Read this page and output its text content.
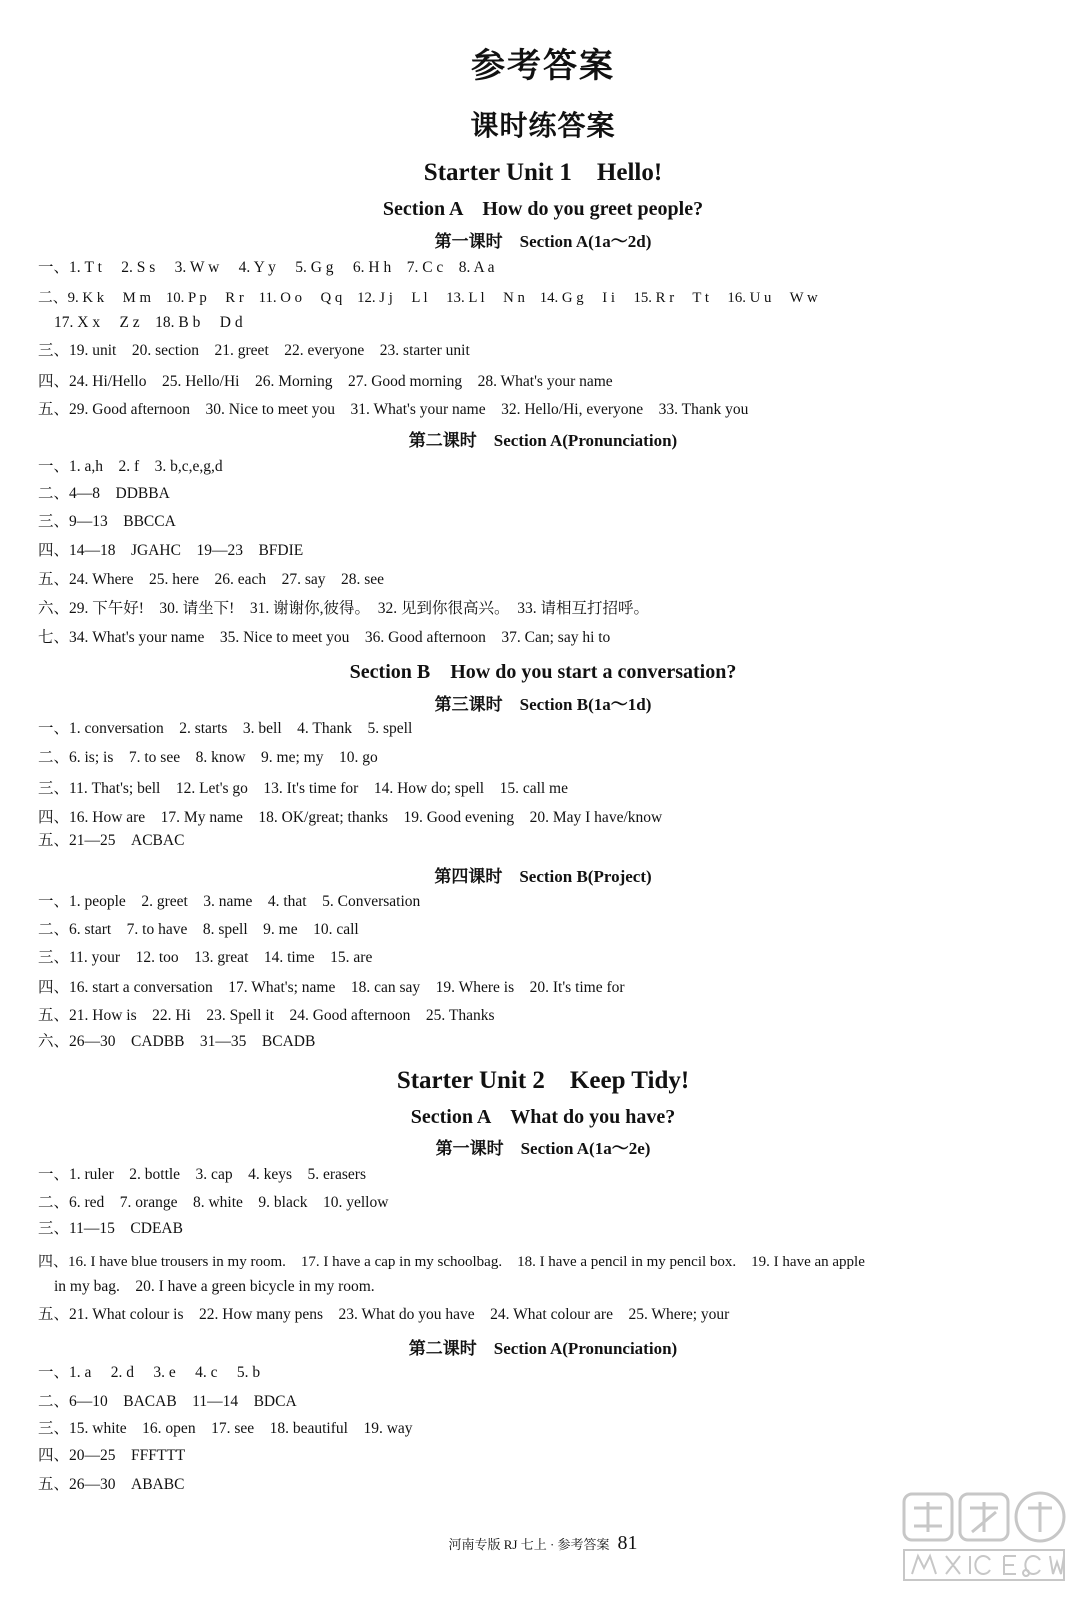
参考答案
课时练答案
Starter Unit 1　Hello!
Section A　How do you greet people?
第一课时　Section A(1a～2d)
一、1. T t　 2. S s　 3. W w　 4. Y y　 5. G g　 6. H h　7. C c　8. A a
二、9. K k　 M m　10. P p　 R r　11. O o　 Q q　12. J j　 L l　 13. L l　 N n　14. G g　 I i　 15. R r　 T t　 16. U u　 W w
17. X x　 Z z　18. B b　 D d
三、19. unit　20. section　21. greet　22. everyone　23. starter unit
四、24. Hi/Hello　25. Hello/Hi　26. Morning　27. Good morning　28. What's your name
五、29. Good afternoon　30. Nice to meet you　31. What's your name　32. Hello/Hi, everyone　33. Thank you
第二课时　Section A(Pronunciation)
一、1. a,h　2. f　3. b,c,e,g,d
二、4—8　DDBBA
三、9—13　BBCCA
四、14—18　JGAHC　19—23　BFDIE
五、24. Where　25. here　26. each　27. say　28. see
六、29. 下午好!　30. 请坐下!　31. 谢谢你,彼得。　32. 见到你很高兴。　33. 请相互打招呼。
七、34. What's your name　35. Nice to meet you　36. Good afternoon　37. Can; say hi to
Section B　How do you start a conversation?
第三课时　Section B(1a～1d)
一、1. conversation　2. starts　3. bell　4. Thank　5. spell
二、6. is; is　7. to see　8. know　9. me; my　10. go
三、11. That's; bell　12. Let's go　13. It's time for　14. How do; spell　15. call me
四、16. How are　17. My name　18. OK/great; thanks　19. Good evening　20. May I have/know
五、21—25　ACBAC
第四课时　Section B(Project)
一、1. people　2. greet　3. name　4. that　5. Conversation
二、6. start　7. to have　8. spell　9. me　10. call
三、11. your　12. too　13. great　14. time　15. are
四、16. start a conversation　17. What's; name　18. can say　19. Where is　20. It's time for
五、21. How is　22. Hi　23. Spell it　24. Good afternoon　25. Thanks
六、26—30　CADBB　31—35　BCADB
Starter Unit 2　Keep Tidy!
Section A　What do you have?
第一课时　Section A(1a～2e)
一、1. ruler　2. bottle　3. cap　4. keys　5. erasers
二、6. red　7. orange　8. white　9. black　10. yellow
三、11—15　CDEAB
四、16. I have blue trousers in my room.　17. I have a cap in my schoolbag.　18. I have a pencil in my pencil box.　19. I have an apple
in my bag.　20. I have a green bicycle in my room.
五、21. What colour is　22. How many pens　23. What do you have　24. What colour are　25. Where; your
第二课时　Section A(Pronunciation)
一、1. a　 2. d　 3. e　 4. c　 5. b
二、6—10　BACAB　11—14　BDCA
三、15. white　16. open　17. see　18. beautiful　19. way
四、20—25　FFFTTT
五、26—30　ABABC
河南专版 RJ 七上 · 参考答案 81
